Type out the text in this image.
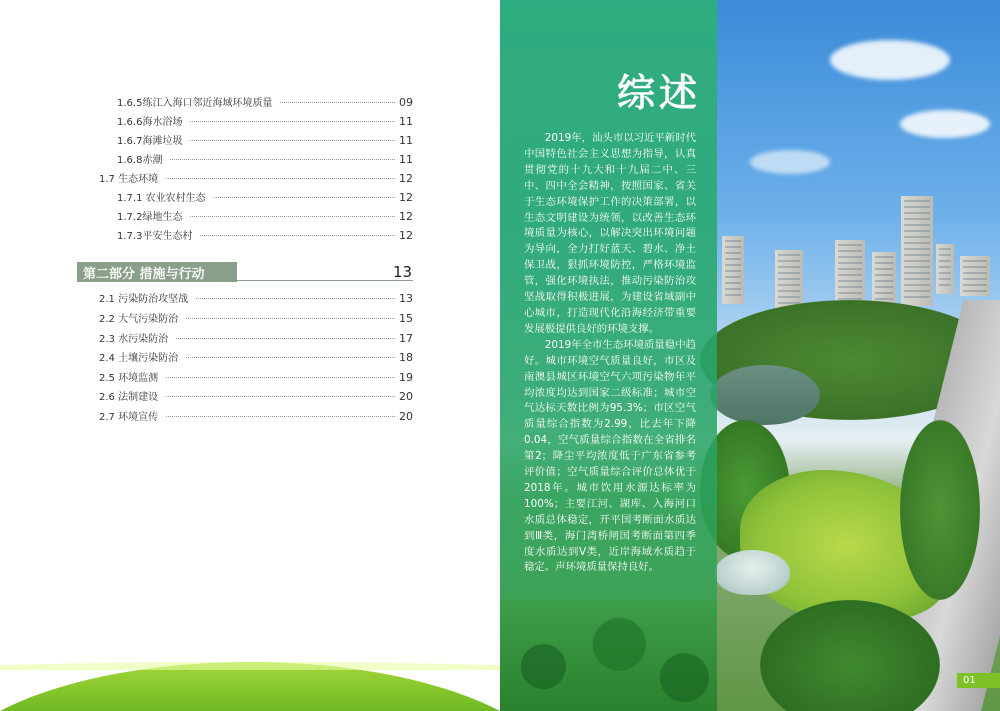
1.6.5练江入海口邻近海域环境质量	09
1.6.6海水浴场	11
1.6.7海滩垃圾	11
1.6.8赤潮	11
1.7 生态环境	12
1.7.1 农业农村生态	12
1.7.2绿地生态	12
1.7.3平安生态村	12
第二部分 措施与行动	13
2.1 污染防治攻坚战	13
2.2 大气污染防治	15
2.3 水污染防治	17
2.4 土壤污染防治	18
2.5 环境监测	19
2.6 法制建设	20
2.7 环境宣传	20
综述

2019年，汕头市以习近平新时代中国特色社会主义思想为指导，认真贯彻党的十九大和十九届二中、三中、四中全会精神，按照国家、省关于生态环境保护工作的决策部署，以生态文明建设为统领，以改善生态环境质量为核心，以解决突出环境问题为导向，全力打好蓝天、碧水、净土保卫战，狠抓环境防控，严格环境监管，强化环境执法，推动污染防治攻坚战取得积极进展，为建设省域副中心城市，打造现代化沿海经济带重要发展极提供良好的环境支撑。

2019年全市生态环境质量稳中趋好。城市环境空气质量良好，市区及南澳县城区环境空气六项污染物年平均浓度均达到国家二级标准；城市空气达标天数比例为95.3%；市区空气质量综合指数为2.99，比去年下降0.04，空气质量综合指数在全省排名第2；降尘平均浓度低于广东省参考评价值；空气质量综合评价总体优于2018年。城市饮用水源达标率为100%；主要江河、湖库、入海河口水质总体稳定，开平国考断面水质达到Ⅲ类，海门湾桥闸国考断面第四季度水质达到Ⅴ类，近岸海域水质趋于稳定。声环境质量保持良好。

01
